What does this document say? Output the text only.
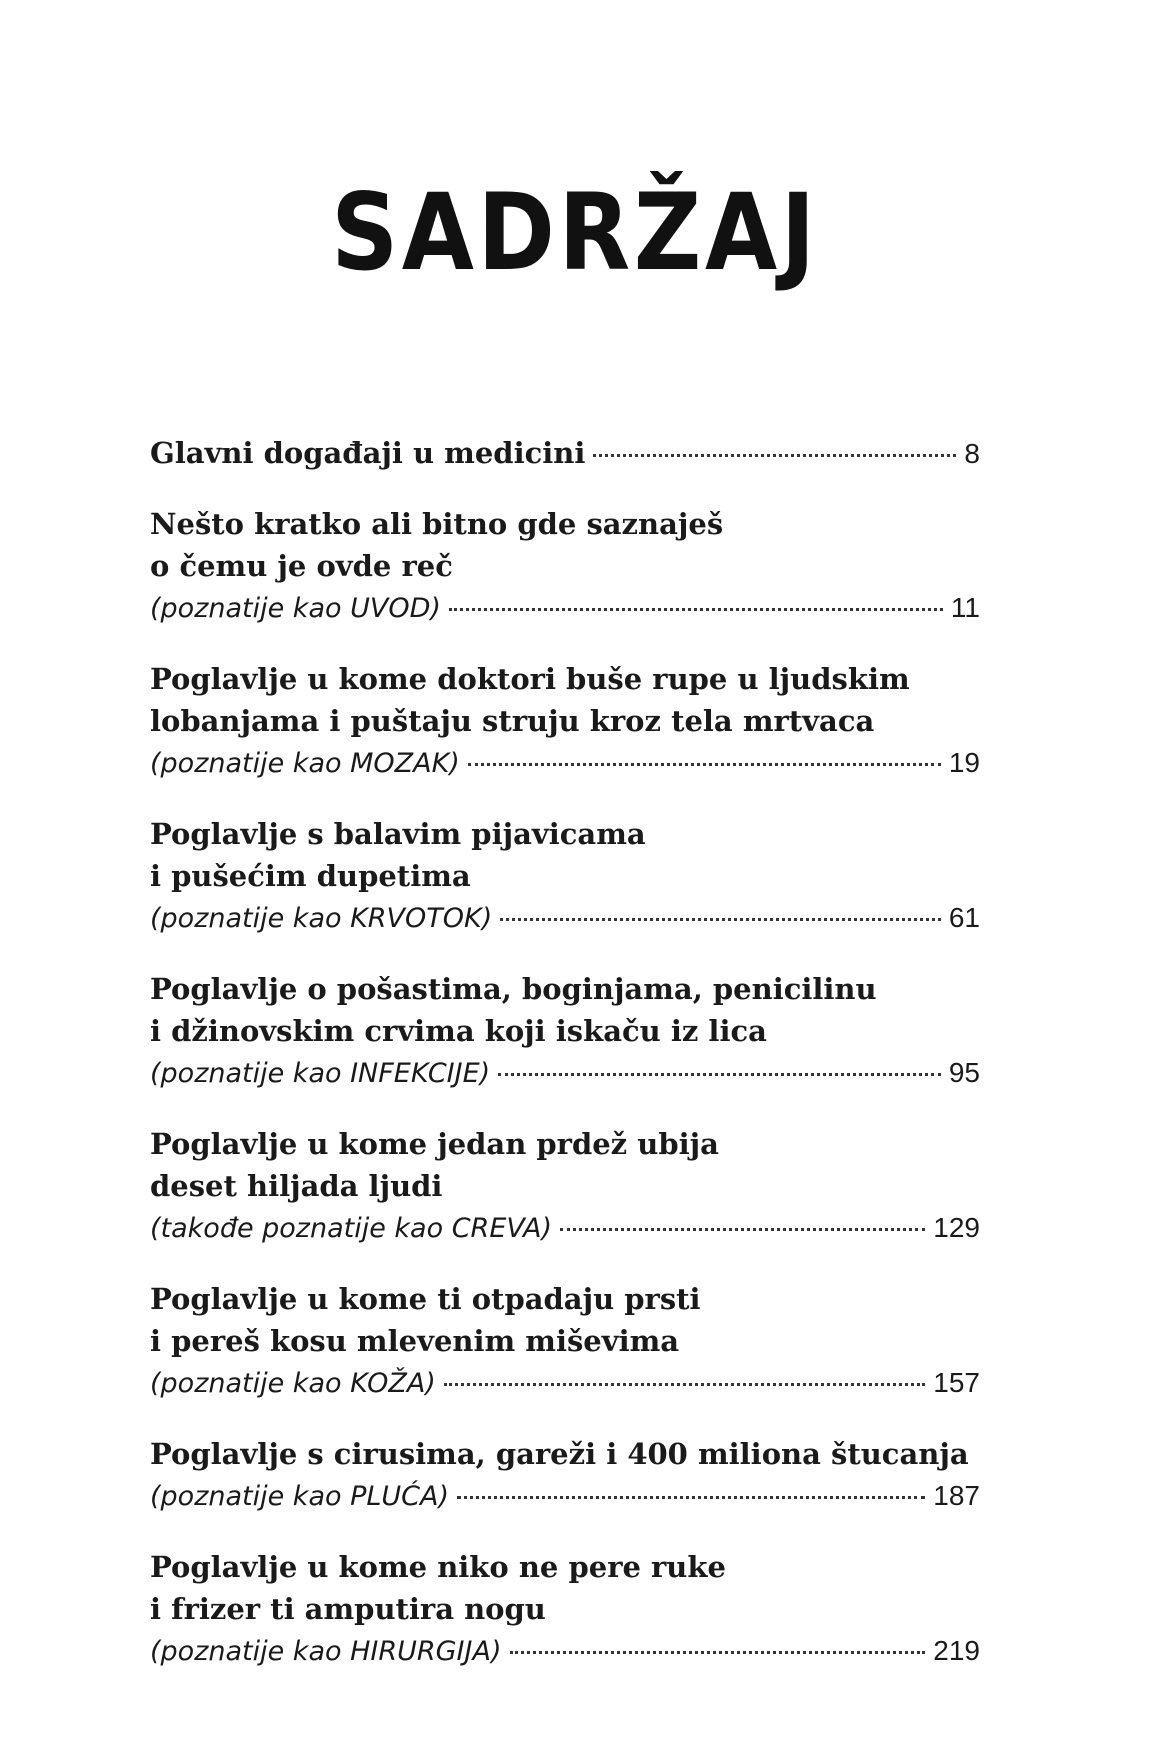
SADRŽAJ
Glavni događaji u medicini	8
Nešto kratko ali bitno gde saznaješ
o čemu je ovde reč
(poznatije kao UVOD)	11
Poglavlje u kome doktori buše rupe u ljudskim
lobanjama i puštaju struju kroz tela mrtvaca
(poznatije kao MOZAK)	19
Poglavlje s balavim pijavicama
i pušećim dupetima
(poznatije kao KRVOTOK)	61
Poglavlje o pošastima, boginjama, penicilinu
i džinovskim crvima koji iskaču iz lica
(poznatije kao INFEKCIJE)	95
Poglavlje u kome jedan prdež ubija
deset hiljada ljudi
(takođe poznatije kao CREVA)	129
Poglavlje u kome ti otpadaju prsti
i pereš kosu mlevenim miševima
(poznatije kao KOŽA)	157
Poglavlje s cirusima, gareži i 400 miliona štucanja
(poznatije kao PLUĆA)	187
Poglavlje u kome niko ne pere ruke
i frizer ti amputira nogu
(poznatije kao HIRURGIJA)	219
